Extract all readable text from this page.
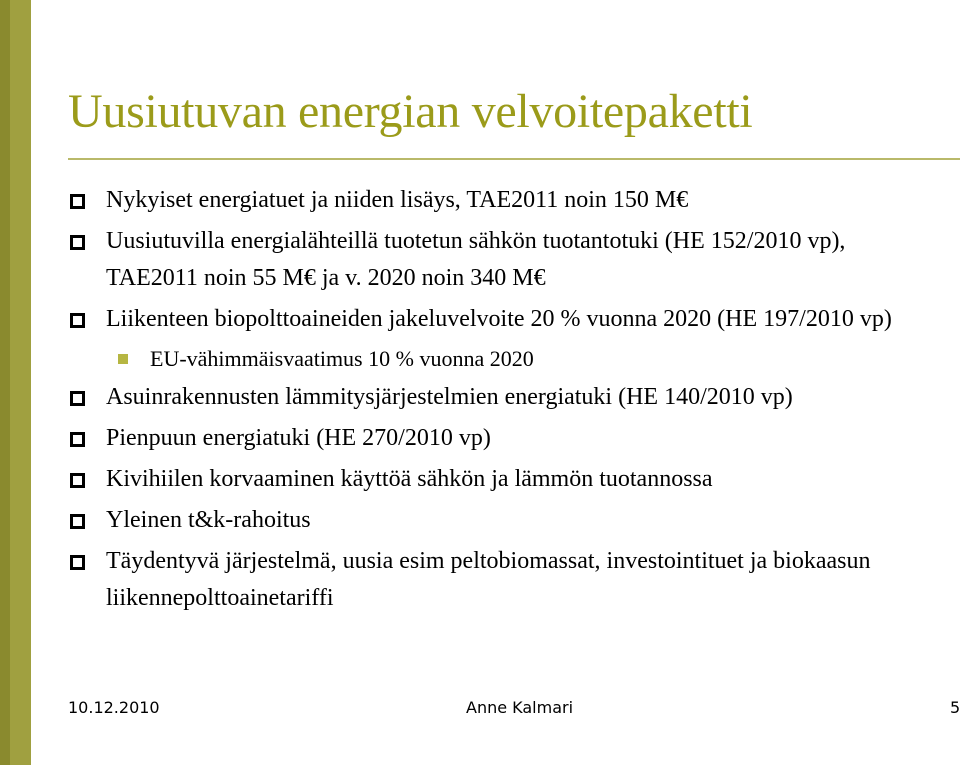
Uusiutuvan energian velvoitepaketti
Nykyiset energiatuet ja niiden lisäys, TAE2011 noin 150 M€
Uusiutuvilla energialähteillä tuotetun sähkön tuotantotuki (HE 152/2010 vp), TAE2011 noin 55 M€ ja v. 2020 noin 340 M€
Liikenteen biopolttoaineiden jakeluvelvoite 20 % vuonna 2020 (HE 197/2010 vp)
EU-vähimmäisvaatimus 10 % vuonna 2020
Asuinrakennusten lämmitysjärjestelmien energiatuki (HE 140/2010 vp)
Pienpuun energiatuki (HE 270/2010 vp)
Kivihiilen korvaaminen käyttöä sähkön ja lämmön tuotannossa
Yleinen t&k-rahoitus
Täydentyvä järjestelmä, uusia esim peltobiomassat, investointituet ja biokaasun liikennepolttoainetariffi
10.12.2010	Anne Kalmari	5
